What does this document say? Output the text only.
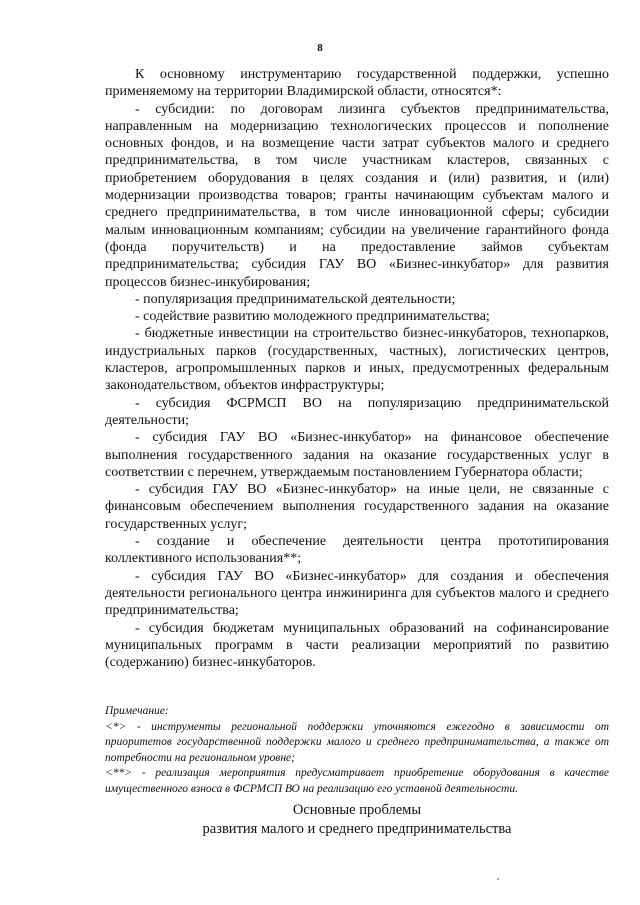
8

К основному инструментарию государственной поддержки, успешно применяемому на территории Владимирской области, относятся*:

- субсидии: по договорам лизинга субъектов предпринимательства, направленным на модернизацию технологических процессов и пополнение основных фондов, и на возмещение части затрат субъектов малого и среднего предпринимательства, в том числе участникам кластеров, связанных с приобретением оборудования в целях создания и (или) развития, и (или) модернизации производства товаров; гранты начинающим субъектам малого и среднего предпринимательства, в том числе инновационной сферы; субсидии малым инновационным компаниям; субсидии на увеличение гарантийного фонда (фонда поручительств) и на предоставление займов субъектам предпринимательства; субсидия ГАУ ВО «Бизнес-инкубатор» для развития процессов бизнес-инкубирования;

- популяризация предпринимательской деятельности;

- содействие развитию молодежного предпринимательства;

- бюджетные инвестиции на строительство бизнес-инкубаторов, технопарков, индустриальных парков (государственных, частных), логистических центров, кластеров, агропромышленных парков и иных, предусмотренных федеральным законодательством, объектов инфраструктуры;

- субсидия ФСРМСП ВО на популяризацию предпринимательской деятельности;

- субсидия ГАУ ВО «Бизнес-инкубатор» на финансовое обеспечение выполнения государственного задания на оказание государственных услуг в соответствии с перечнем, утверждаемым постановлением Губернатора области;

- субсидия ГАУ ВО «Бизнес-инкубатор» на иные цели, не связанные с финансовым обеспечением выполнения государственного задания на оказание государственных услуг;

- создание и обеспечение деятельности центра прототипирования коллективного использования**;

- субсидия ГАУ ВО «Бизнес-инкубатор» для создания и обеспечения деятельности регионального центра инжиниринга для субъектов малого и среднего предпринимательства;

- субсидия бюджетам муниципальных образований на софинансирование муниципальных программ в части реализации мероприятий по развитию (содержанию) бизнес-инкубаторов.

Примечание:

<*> - инструменты региональной поддержки уточняются ежегодно в зависимости от приоритетов государственной поддержки малого и среднего предпринимательства, а также от потребности на региональном уровне;

<**> - реализация мероприятия предусматривает приобретение оборудования в качестве имущественного взноса в ФСРМСП ВО на реализацию его уставной деятельности.

Основные проблемы
развития малого и среднего предпринимательства
